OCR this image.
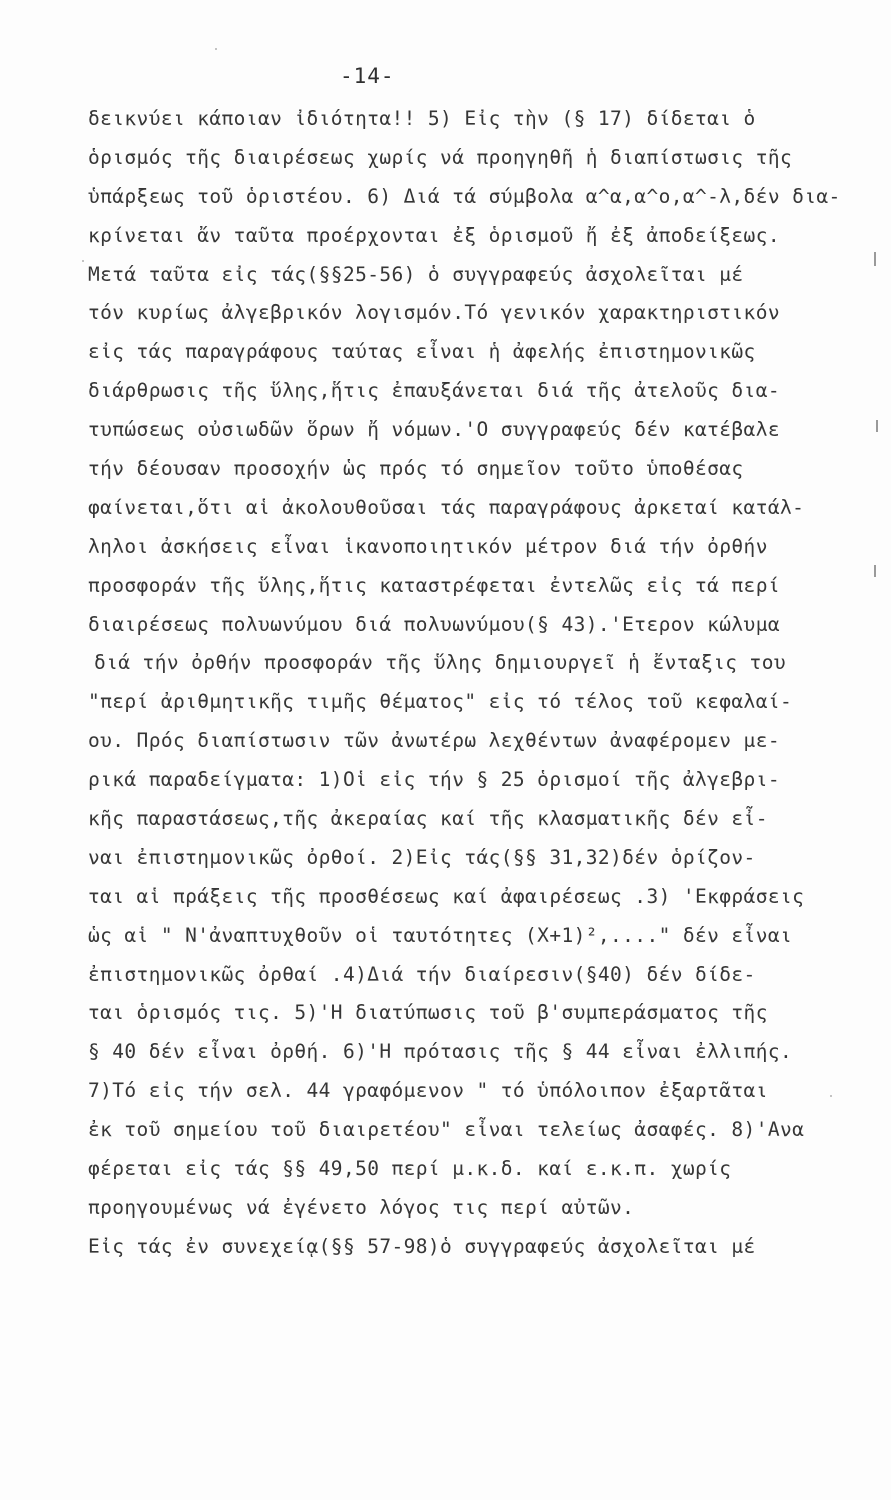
-14-
δεικνύει κάποιαν ἰδιότητα!! 5) Εἰς τὴν (§ 17) δίδεται ὁ
ὁρισμός τῆς διαιρέσεως χωρίς νά προηγηθῆ ἡ διαπίστωσις τῆς
ὑπάρξεως τοῦ ὁριστέου. 6) Διά τά σύμβολα α^α,α^ο,α^-λ,δέν δια-
κρίνεται ἄν ταῦτα προέρχονται ἐξ ὁρισμοῦ ἤ ἐξ ἀποδείξεως.
Μετά ταῦτα εἰς τάς(§§25-56) ὁ συγγραφεύς ἀσχολεῖται μέ
τόν κυρίως ἀλγεβρικόν λογισμόν.Τό γενικόν χαρακτηριστικόν
εἰς τάς παραγράφους ταύτας εἶναι ἡ ἀφελής ἐπιστημονικῶς
διάρθρωσις τῆς ὕλης,ἥτις ἐπαυξάνεται διά τῆς ἀτελοῦς δια-
τυπώσεως οὐσιωδῶν ὅρων ἤ νόμων.'Ο συγγραφεύς δέν κατέβαλε
τήν δέουσαν προσοχήν ὡς πρός τό σημεῖον τοῦτο ὑποθέσας
φαίνεται,ὅτι αἱ ἀκολουθοῦσαι τάς παραγράφους ἀρκεταί κατάλ-
ληλοι ἀσκήσεις εἶναι ἱκανοποιητικόν μέτρον διά τήν ὀρθήν
προσφοράν τῆς ὕλης,ἥτις καταστρέφεται ἐντελῶς εἰς τά περί
διαιρέσεως πολυωνύμου διά πολυωνύμου(§ 43).'Ετερον κώλυμα
διά τήν ὀρθήν προσφοράν τῆς ὕλης δημιουργεῖ ἡ ἔνταξις του
"περί ἀριθμητικῆς τιμῆς θέματος" εἰς τό τέλος τοῦ κεφαλαί-
ου. Πρός διαπίστωσιν τῶν ἀνωτέρω λεχθέντων ἀναφέρομεν με-
ρικά παραδείγματα: 1)Οἱ εἰς τήν § 25 ὁρισμοί τῆς ἀλγεβρι-
κῆς παραστάσεως,τῆς ἀκεραίας καί τῆς κλασματικῆς δέν εἶ-
ναι ἐπιστημονικῶς ὀρθοί. 2)Εἰς τάς(§§ 31,32)δέν ὁρίζον-
ται αἱ πράξεις τῆς προσθέσεως καί ἀφαιρέσεως .3) 'Εκφράσεις
ὡς αἱ " Ν'ἀναπτυχθοῦν οἱ ταυτότητες (Χ+1)²,...." δέν εἶναι
ἐπιστημονικῶς ὀρθαί .4)Διά τήν διαίρεσιν(§40) δέν δίδε-
ται ὁρισμός τις. 5)'Η διατύπωσις τοῦ β'συμπεράσματος τῆς
§ 40 δέν εἶναι ὀρθή. 6)'Η πρότασις τῆς § 44 εἶναι ἐλλιπής.
7)Τό εἰς τήν σελ. 44 γραφόμενον " τό ὑπόλοιπον ἐξαρτᾶται
ἐκ τοῦ σημείου τοῦ διαιρετέου" εἶναι τελείως ἀσαφές. 8)'Ανα
φέρεται εἰς τάς §§ 49,50 περί μ.κ.δ. καί ε.κ.π. χωρίς
προηγουμένως νά ἐγένετο λόγος τις περί αὐτῶν.
Εἰς τάς ἐν συνεχείᾳ(§§ 57-98)ὁ συγγραφεύς ἀσχολεῖται μέ
